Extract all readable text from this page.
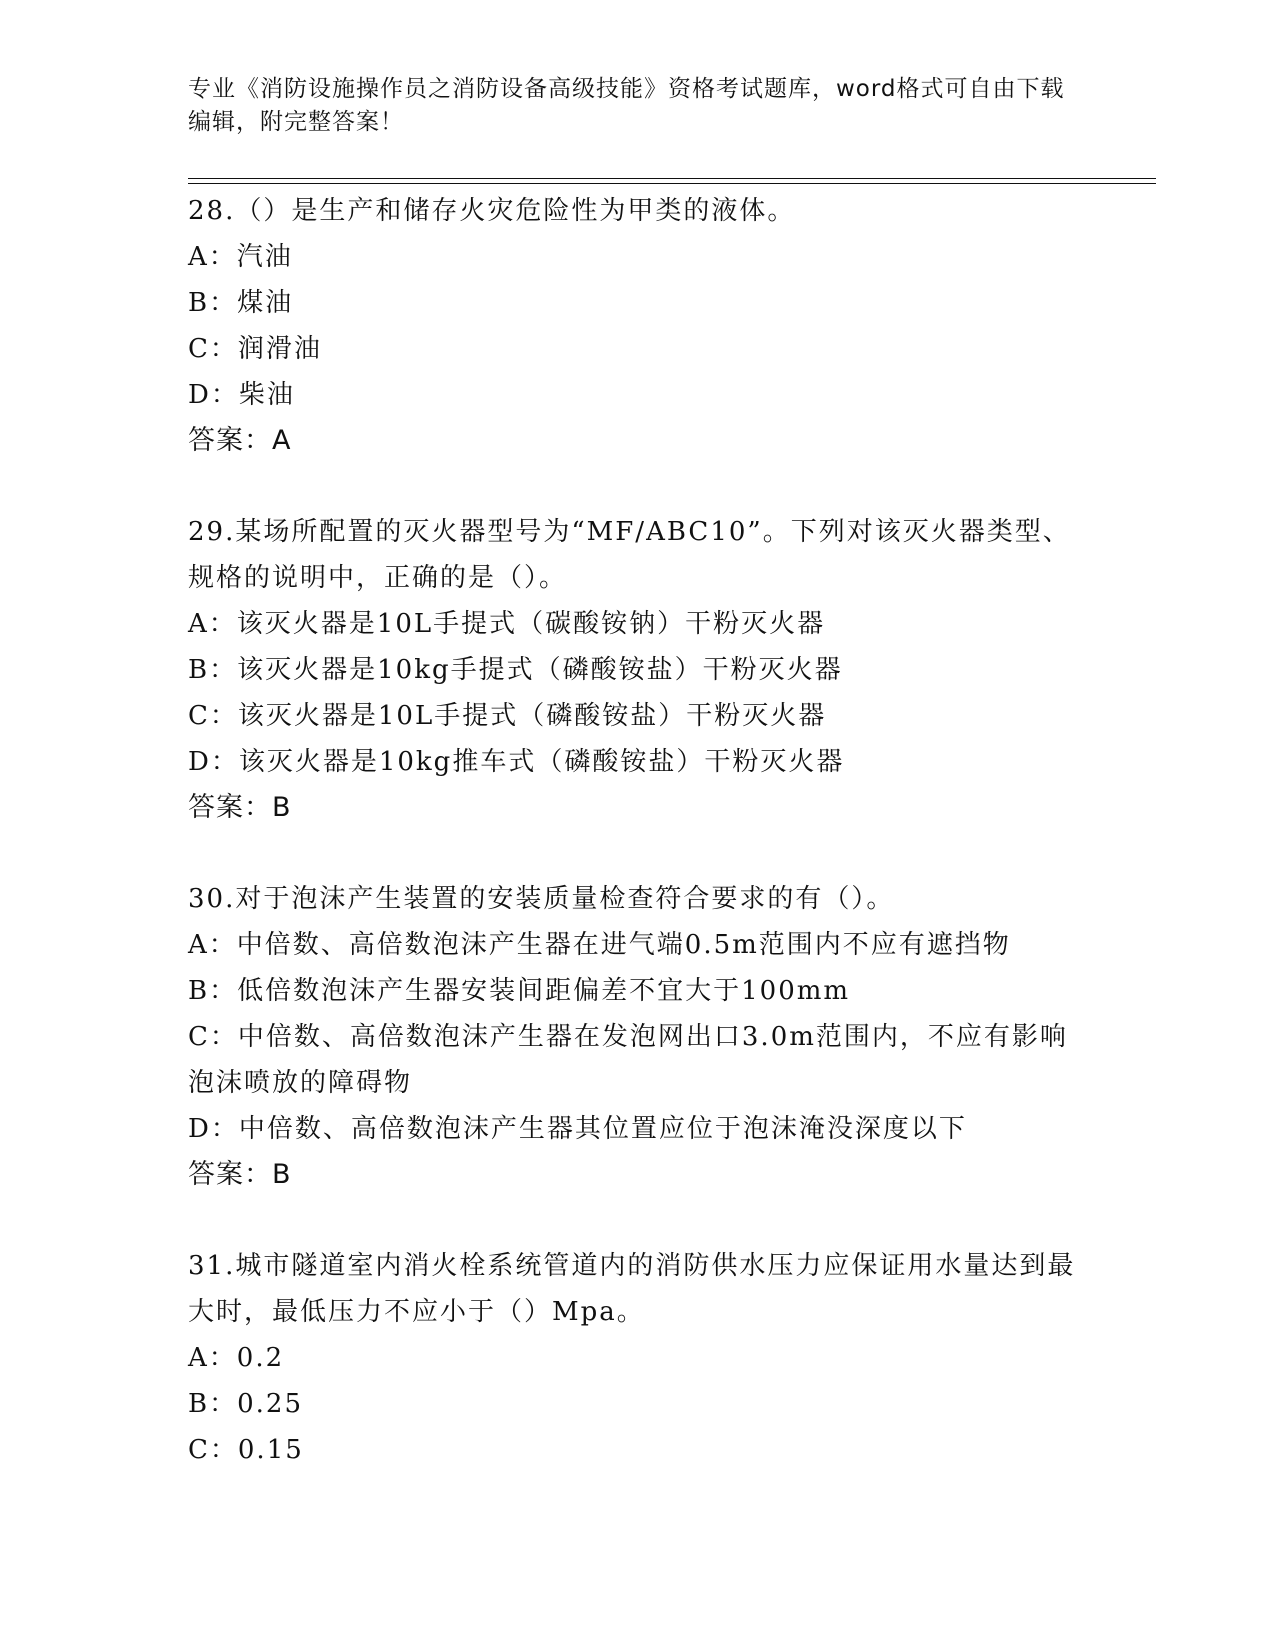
专业《消防设施操作员之消防设备高级技能》资格考试题库，word格式可自由下载编辑，附完整答案！
28.（）是生产和储存火灾危险性为甲类的液体。
A：汽油
B：煤油
C：润滑油
D：柴油
答案：A
29.某场所配置的灭火器型号为“MF/ABC10”。下列对该灭火器类型、规格的说明中，正确的是（）。
A：该灭火器是10L手提式（碳酸铵钠）干粉灭火器
B：该灭火器是10kg手提式（磷酸铵盐）干粉灭火器
C：该灭火器是10L手提式（磷酸铵盐）干粉灭火器
D：该灭火器是10kg推车式（磷酸铵盐）干粉灭火器
答案：B
30.对于泡沫产生装置的安装质量检查符合要求的有（）。
A：中倍数、高倍数泡沫产生器在进气端0.5m范围内不应有遮挡物
B：低倍数泡沫产生器安装间距偏差不宜大于100mm
C：中倍数、高倍数泡沫产生器在发泡网出口3.0m范围内，不应有影响泡沫喷放的障碍物
D：中倍数、高倍数泡沫产生器其位置应位于泡沫淹没深度以下
答案：B
31.城市隧道室内消火栓系统管道内的消防供水压力应保证用水量达到最大时，最低压力不应小于（）Mpa。
A：0.2
B：0.25
C：0.15
